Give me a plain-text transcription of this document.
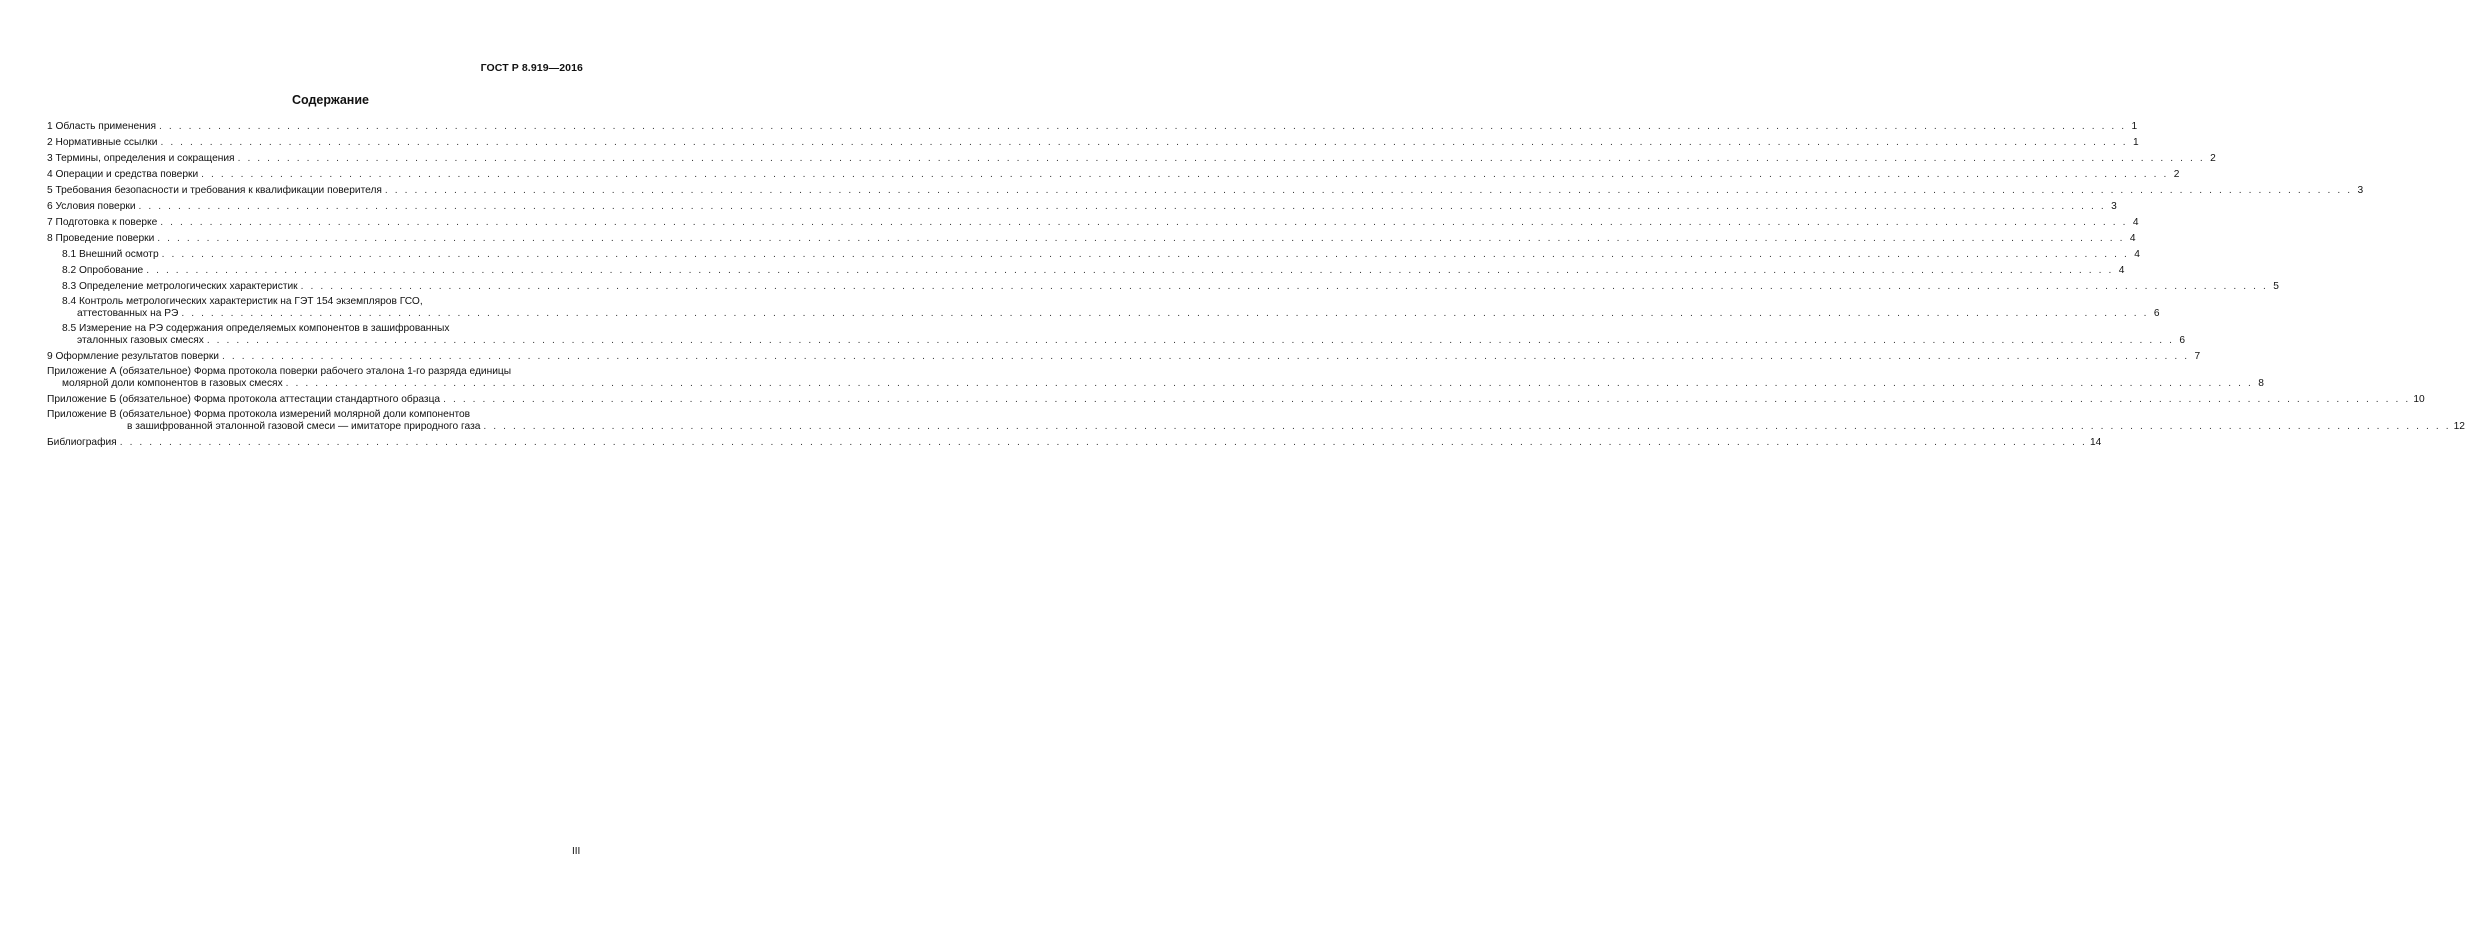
ГОСТ Р 8.919—2016
Содержание
1 Область применения . . . . . . . . . . . . . . . . . . . . . . . . . . . . . . . . . . . . . . . . . . . . . . . . . . . . . . . . . . . . . . . . . . . . . . . . . . . . . . . . . . . . . . . . . . . . . . . . . . . . . . . . . . . . . . . . . . . . . . . . . . . . . . . . . . . . . . . . . . . . . . . . . . . . . . . . . . . . . . . . . . . . . . . . . . . . . . . . . . . . . . . . . . . . . . . . . . . . . . . . 1
2 Нормативные ссылки . . . . . . . . . . . . . . . . . . . . . . . . . . . . . . . . . . . . . . . . . . . . . . . . . . . . . . . . . . . . . . . . . . . . . . . . . . . . . . . . . . . . . . . . . . . . . . . . . . . . . . . . . . . . . . . . . . . . . . . . . . . . . . . . . . . . . . . . . . . . . . . . . . . . . . . . . . . . . . . . . . . . . . . . . . . . . . . . . . . . . . . . . . . . . . . . . . . . . . . . 1
3 Термины, определения и сокращения . . . . . . . . . . . . . . . . . . . . . . . . . . . . . . . . . . . . . . . . . . . . . . . . . . . . . . . . . . . . . . . . . . . . . . . . . . . . . . . . . . . . . . . . . . . . . . . . . . . . . . . . . . . . . . . . . . . . . . . . . . . . . . . . . . . . . . . . . . . . . . . . . . . . . . . . . . . . . . . . . . . . . . . . . . . . . . . . . . . . . . . . . . . . . . . . . . . . . . . . 2
4 Операции и средства поверки . . . . . . . . . . . . . . . . . . . . . . . . . . . . . . . . . . . . . . . . . . . . . . . . . . . . . . . . . . . . . . . . . . . . . . . . . . . . . . . . . . . . . . . . . . . . . . . . . . . . . . . . . . . . . . . . . . . . . . . . . . . . . . . . . . . . . . . . . . . . . . . . . . . . . . . . . . . . . . . . . . . . . . . . . . . . . . . . . . . . . . . . . . . . . . . . . . . . . . . . 2
5 Требования безопасности и требования к квалификации поверителя . . . . . . . . . . . . . . . . . . . . . . . . . . . . . . . . . . . . . . . . . . . . . . . . . . . . . . . . . . . . . . . . . . . . . . . . . . . . . . . . . . . . . . . . . . . . . . . . . . . . . . . . . . . . . . . . . . . . . . . . . . . . . . . . . . . . . . . . . . . . . . . . . . . . . . . . . . . . . . . . . . . . . . . . . . . . . . . . . . . . . . . . . . . . . . . . . . . . . . . . 3
6 Условия поверки . . . . . . . . . . . . . . . . . . . . . . . . . . . . . . . . . . . . . . . . . . . . . . . . . . . . . . . . . . . . . . . . . . . . . . . . . . . . . . . . . . . . . . . . . . . . . . . . . . . . . . . . . . . . . . . . . . . . . . . . . . . . . . . . . . . . . . . . . . . . . . . . . . . . . . . . . . . . . . . . . . . . . . . . . . . . . . . . . . . . . . . . . . . . . . . . . . . . . . . . 3
7 Подготовка к поверке . . . . . . . . . . . . . . . . . . . . . . . . . . . . . . . . . . . . . . . . . . . . . . . . . . . . . . . . . . . . . . . . . . . . . . . . . . . . . . . . . . . . . . . . . . . . . . . . . . . . . . . . . . . . . . . . . . . . . . . . . . . . . . . . . . . . . . . . . . . . . . . . . . . . . . . . . . . . . . . . . . . . . . . . . . . . . . . . . . . . . . . . . . . . . . . . . . . . . . . . 4
8 Проведение поверки . . . . . . . . . . . . . . . . . . . . . . . . . . . . . . . . . . . . . . . . . . . . . . . . . . . . . . . . . . . . . . . . . . . . . . . . . . . . . . . . . . . . . . . . . . . . . . . . . . . . . . . . . . . . . . . . . . . . . . . . . . . . . . . . . . . . . . . . . . . . . . . . . . . . . . . . . . . . . . . . . . . . . . . . . . . . . . . . . . . . . . . . . . . . . . . . . . . . . . . . 4
8.1 Внешний осмотр . . . . . . . . . . . . . . . . . . . . . . . . . . . . . . . . . . . . . . . . . . . . . . . . . . . . . . . . . . . . . . . . . . . . . . . . . . . . . . . . . . . . . . . . . . . . . . . . . . . . . . . . . . . . . . . . . . . . . . . . . . . . . . . . . . . . . . . . . . . . . . . . . . . . . . . . . . . . . . . . . . . . . . . . . . . . . . . . . . . . . . . . . . . . . . . . . . . . . . . . 4
8.2 Опробование . . . . . . . . . . . . . . . . . . . . . . . . . . . . . . . . . . . . . . . . . . . . . . . . . . . . . . . . . . . . . . . . . . . . . . . . . . . . . . . . . . . . . . . . . . . . . . . . . . . . . . . . . . . . . . . . . . . . . . . . . . . . . . . . . . . . . . . . . . . . . . . . . . . . . . . . . . . . . . . . . . . . . . . . . . . . . . . . . . . . . . . . . . . . . . . . . . . . . . . . 4
8.3 Определение метрологических характеристик . . . . . . . . . . . . . . . . . . . . . . . . . . . . . . . . . . . . . . . . . . . . . . . . . . . . . . . . . . . . . . . . . . . . . . . . . . . . . . . . . . . . . . . . . . . . . . . . . . . . . . . . . . . . . . . . . . . . . . . . . . . . . . . . . . . . . . . . . . . . . . . . . . . . . . . . . . . . . . . . . . . . . . . . . . . . . . . . . . . . . . . . . . . . . . . . . . . . . . . . 5
8.4 Контроль метрологических характеристик на ГЭТ 154 экземпляров ГСО,
аттестованных на РЭ . . . . . . . . . . . . . . . . . . . . . . . . . . . . . . . . . . . . . . . . . . . . . . . . . . . . . . . . . . . . . . . . . . . . . . . . . . . . . . . . . . . . . . . . . . . . . . . . . . . . . . . . . . . . . . . . . . . . . . . . . . . . . . . . . . . . . . . . . . . . . . . . . . . . . . . . . . . . . . . . . . . . . . . . . . . . . . . . . . . . . . . . . . . . . . . . . . . . . . . . 6
8.5 Измерение на РЭ содержания определяемых компонентов в зашифрованных
эталонных газовых смесях . . . . . . . . . . . . . . . . . . . . . . . . . . . . . . . . . . . . . . . . . . . . . . . . . . . . . . . . . . . . . . . . . . . . . . . . . . . . . . . . . . . . . . . . . . . . . . . . . . . . . . . . . . . . . . . . . . . . . . . . . . . . . . . . . . . . . . . . . . . . . . . . . . . . . . . . . . . . . . . . . . . . . . . . . . . . . . . . . . . . . . . . . . . . . . . . . . . . . . . . 6
9 Оформление результатов поверки . . . . . . . . . . . . . . . . . . . . . . . . . . . . . . . . . . . . . . . . . . . . . . . . . . . . . . . . . . . . . . . . . . . . . . . . . . . . . . . . . . . . . . . . . . . . . . . . . . . . . . . . . . . . . . . . . . . . . . . . . . . . . . . . . . . . . . . . . . . . . . . . . . . . . . . . . . . . . . . . . . . . . . . . . . . . . . . . . . . . . . . . . . . . . . . . . . . . . . . . 7
Приложение А (обязательное) Форма протокола поверки рабочего эталона 1-го разряда единицы
молярной доли компонентов в газовых смесях . . . . . . . . . . . . . . . . . . . . . . . . . . . . . . . . . . . . . . . . . . . . . . . . . . . . . . . . . . . . . . . . . . . . . . . . . . . . . . . . . . . . . . . . . . . . . . . . . . . . . . . . . . . . . . . . . . . . . . . . . . . . . . . . . . . . . . . . . . . . . . . . . . . . . . . . . . . . . . . . . . . . . . . . . . . . . . . . . . . . . . . . . . . . . . . . . . . . . . . . 8
Приложение Б (обязательное) Форма протокола аттестации стандартного образца . . . . . . . . . . . . . . . . . . . . . . . . . . . . . . . . . . . . . . . . . . . . . . . . . . . . . . . . . . . . . . . . . . . . . . . . . . . . . . . . . . . . . . . . . . . . . . . . . . . . . . . . . . . . . . . . . . . . . . . . . . . . . . . . . . . . . . . . . . . . . . . . . . . . . . . . . . . . . . . . . . . . . . . . . . . . . . . . . . . . . . . . . . . . . . . . . . . . . . . . 10
Приложение В (обязательное) Форма протокола измерений молярной доли компонентов
в зашифрованной эталонной газовой смеси — имитаторе природного газа . . . . . . . . . . . . . . . . . . . . . . . . . . . . . . . . . . . . . . . . . . . . . . . . . . . . . . . . . . . . . . . . . . . . . . . . . . . . . . . . . . . . . . . . . . . . . . . . . . . . . . . . . . . . . . . . . . . . . . . . . . . . . . . . . . . . . . . . . . . . . . . . . . . . . . . . . . . . . . . . . . . . . . . . . . . . . . . . . . . . . . . . . . . . . . . . . . . . . . . . 12
Библиография . . . . . . . . . . . . . . . . . . . . . . . . . . . . . . . . . . . . . . . . . . . . . . . . . . . . . . . . . . . . . . . . . . . . . . . . . . . . . . . . . . . . . . . . . . . . . . . . . . . . . . . . . . . . . . . . . . . . . . . . . . . . . . . . . . . . . . . . . . . . . . . . . . . . . . . . . . . . . . . . . . . . . . . . . . . . . . . . . . . . . . . . . . . . . . . . . . . . . . . . 14
III
